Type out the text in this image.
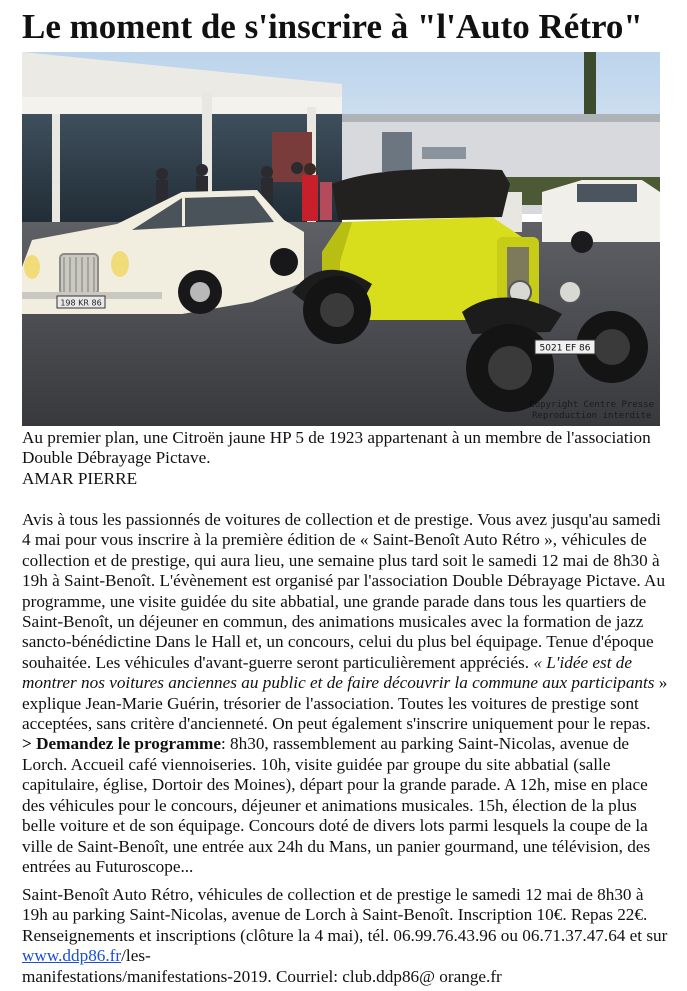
Le moment de s'inscrire à "l'Auto Rétro"
198 KR 86
5021 EF 86
Copyright Centre Presse
Reproduction interdite
Au premier plan, une Citroën jaune HP 5 de 1923 appartenant à un membre de l'association
Double Débrayage Pictave.
AMAR PIERRE
Avis à tous les passionnés de voitures de collection et de prestige. Vous avez jusqu'au samedi
4 mai pour vous inscrire à la première édition de « Saint-Benoît Auto Rétro », véhicules de
collection et de prestige, qui aura lieu, une semaine plus tard soit le samedi 12 mai de 8h30 à
19h à Saint-Benoît. L'évènement est organisé par l'association Double Débrayage Pictave. Au
programme, une visite guidée du site abbatial, une grande parade dans tous les quartiers de
Saint-Benoît, un déjeuner en commun, des animations musicales avec la formation de jazz
sancto-bénédictine Dans le Hall et, un concours, celui du plus bel équipage. Tenue d'époque
souhaitée. Les véhicules d'avant-guerre seront particulièrement appréciés. « L'idée est de
montrer nos voitures anciennes au public et de faire découvrir la commune aux participants »
explique Jean-Marie Guérin, trésorier de l'association. Toutes les voitures de prestige sont
acceptées, sans critère d'ancienneté. On peut également s'inscrire uniquement pour le repas.
> Demandez le programme: 8h30, rassemblement au parking Saint-Nicolas, avenue de
Lorch. Accueil café viennoiseries. 10h, visite guidée par groupe du site abbatial (salle
capitulaire, église, Dortoir des Moines), départ pour la grande parade. A 12h, mise en place
des véhicules pour le concours, déjeuner et animations musicales. 15h, élection de la plus
belle voiture et de son équipage. Concours doté de divers lots parmi lesquels la coupe de la
ville de Saint-Benoît, une entrée aux 24h du Mans, un panier gourmand, une télévision, des
entrées au Futuroscope...
Saint-Benoît Auto Rétro, véhicules de collection et de prestige le samedi 12 mai de 8h30 à
19h au parking Saint-Nicolas, avenue de Lorch à Saint-Benoît. Inscription 10€. Repas 22€.
Renseignements et inscriptions (clôture la 4 mai), tél. 06.99.76.43.96 ou 06.71.37.47.64 et sur
www.ddp86.fr/les-
manifestations/manifestations-2019. Courriel: club.ddp86@ orange.fr
